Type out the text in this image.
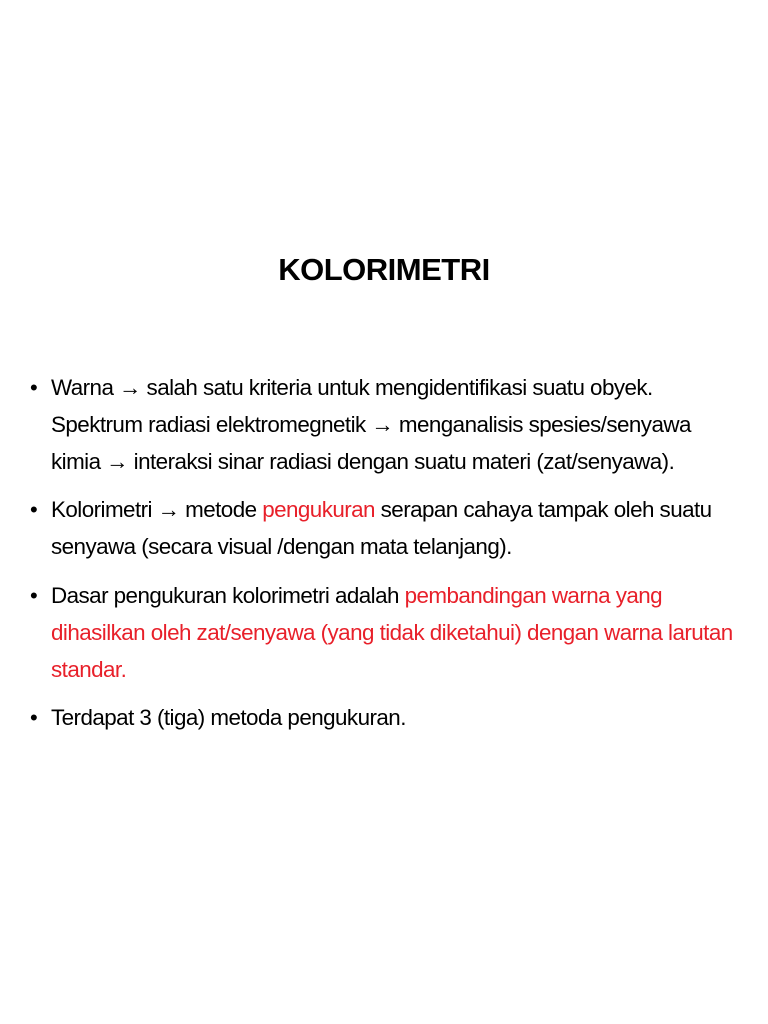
KOLORIMETRI
• Warna → salah satu kriteria untuk mengidentifikasi suatu obyek.
Spektrum radiasi elektromegnetik → menganalisis spesies/senyawa
kimia → interaksi sinar radiasi dengan suatu materi (zat/senyawa).
• Kolorimetri → metode pengukuran serapan cahaya tampak oleh suatu
senyawa (secara visual /dengan mata telanjang).
• Dasar pengukuran kolorimetri adalah pembandingan warna yang
dihasilkan oleh zat/senyawa (yang tidak diketahui) dengan warna larutan
standar.
• Terdapat 3 (tiga) metoda pengukuran.
